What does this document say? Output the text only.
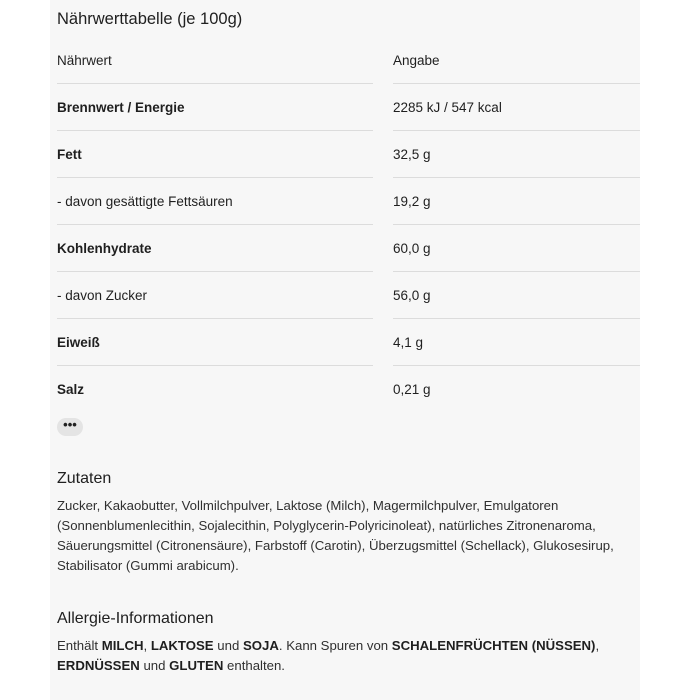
Nährwerttabelle (je 100g)
Nährwert		Angabe
Brennwert / Energie		2285 kJ / 547 kcal
Fett		32,5 g
- davon gesättigte Fettsäuren		19,2 g
Kohlenhydrate		60,0 g
- davon Zucker		56,0 g
Eiweiß		4,1 g
Salz		0,21 g
•••
Zutaten
Zucker, Kakaobutter, Vollmilchpulver, Laktose (Milch), Magermilchpulver, Emulgatoren
(Sonnenblumenlecithin, Sojalecithin, Polyglycerin-Polyricinoleat), natürliches Zitronenaroma,
Säuerungsmittel (Citronensäure), Farbstoff (Carotin), Überzugsmittel (Schellack), Glukosesirup,
Stabilisator (Gummi arabicum).
Allergie-Informationen
Enthält MILCH, LAKTOSE und SOJA. Kann Spuren von SCHALENFRÜCHTEN (NÜSSEN),
ERDNÜSSEN und GLUTEN enthalten.
